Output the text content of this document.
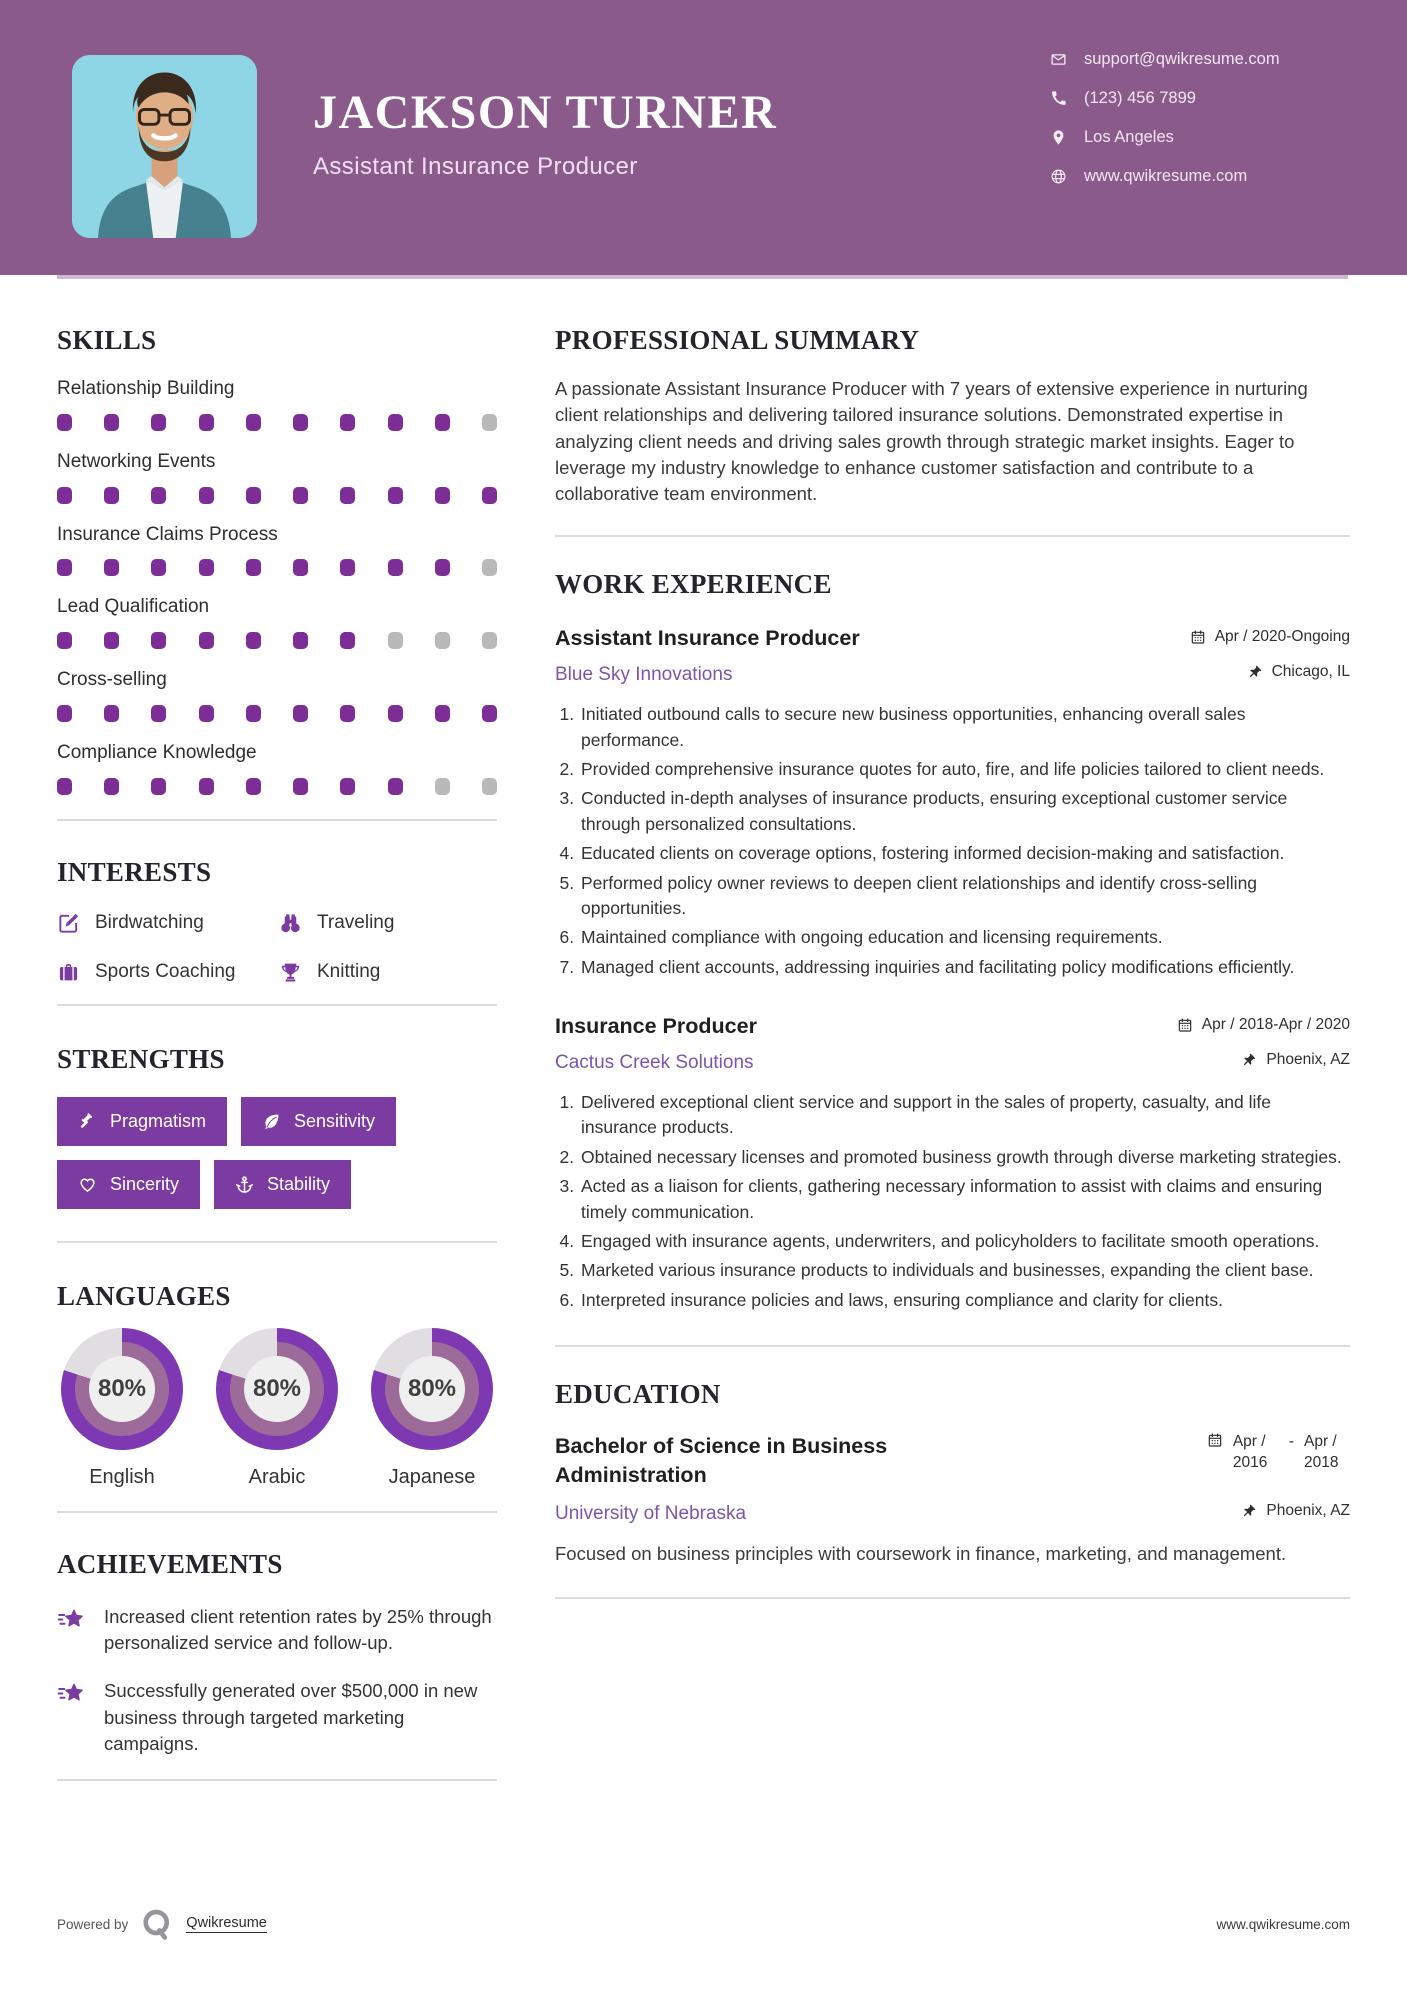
JACKSON TURNER
Assistant Insurance Producer
support@qwikresume.com
(123) 456 7899
Los Angeles
www.qwikresume.com
SKILLS
Relationship Building
Networking Events
Insurance Claims Process
Lead Qualification
Cross-selling
Compliance Knowledge
INTERESTS
Birdwatching	Traveling
Sports Coaching	Knitting
STRENGTHS
Pragmatism	Sensitivity
Sincerity	Stability
LANGUAGES
80%
English
80%
Arabic
80%
Japanese
ACHIEVEMENTS
Increased client retention rates by 25% through personalized service and follow-up.
Successfully generated over $500,000 in new business through targeted marketing campaigns.
PROFESSIONAL SUMMARY

A passionate Assistant Insurance Producer with 7 years of extensive experience in nurturing client relationships and delivering tailored insurance solutions. Demonstrated expertise in analyzing client needs and driving sales growth through strategic market insights. Eager to leverage my industry knowledge to enhance customer satisfaction and contribute to a collaborative team environment.

WORK EXPERIENCE
Assistant Insurance Producer	Apr / 2020-Ongoing
Blue Sky Innovations	Chicago, IL
1. Initiated outbound calls to secure new business opportunities, enhancing overall sales performance.
2. Provided comprehensive insurance quotes for auto, fire, and life policies tailored to client needs.
3. Conducted in-depth analyses of insurance products, ensuring exceptional customer service through personalized consultations.
4. Educated clients on coverage options, fostering informed decision-making and satisfaction.
5. Performed policy owner reviews to deepen client relationships and identify cross-selling opportunities.
6. Maintained compliance with ongoing education and licensing requirements.
7. Managed client accounts, addressing inquiries and facilitating policy modifications efficiently.
Insurance Producer	Apr / 2018-Apr / 2020
Cactus Creek Solutions	Phoenix, AZ
1. Delivered exceptional client service and support in the sales of property, casualty, and life insurance products.
2. Obtained necessary licenses and promoted business growth through diverse marketing strategies.
3. Acted as a liaison for clients, gathering necessary information to assist with claims and ensuring timely communication.
4. Engaged with insurance agents, underwriters, and policyholders to facilitate smooth operations.
5. Marketed various insurance products to individuals and businesses, expanding the client base.
6. Interpreted insurance policies and laws, ensuring compliance and clarity for clients.
EDUCATION
Bachelor of Science in Business Administration
Apr / 2016
- Apr / 2018
University of Nebraska	Phoenix, AZ

Focused on business principles with coursework in finance, marketing, and management.

Powered by	Qwikresume	www.qwikresume.com
